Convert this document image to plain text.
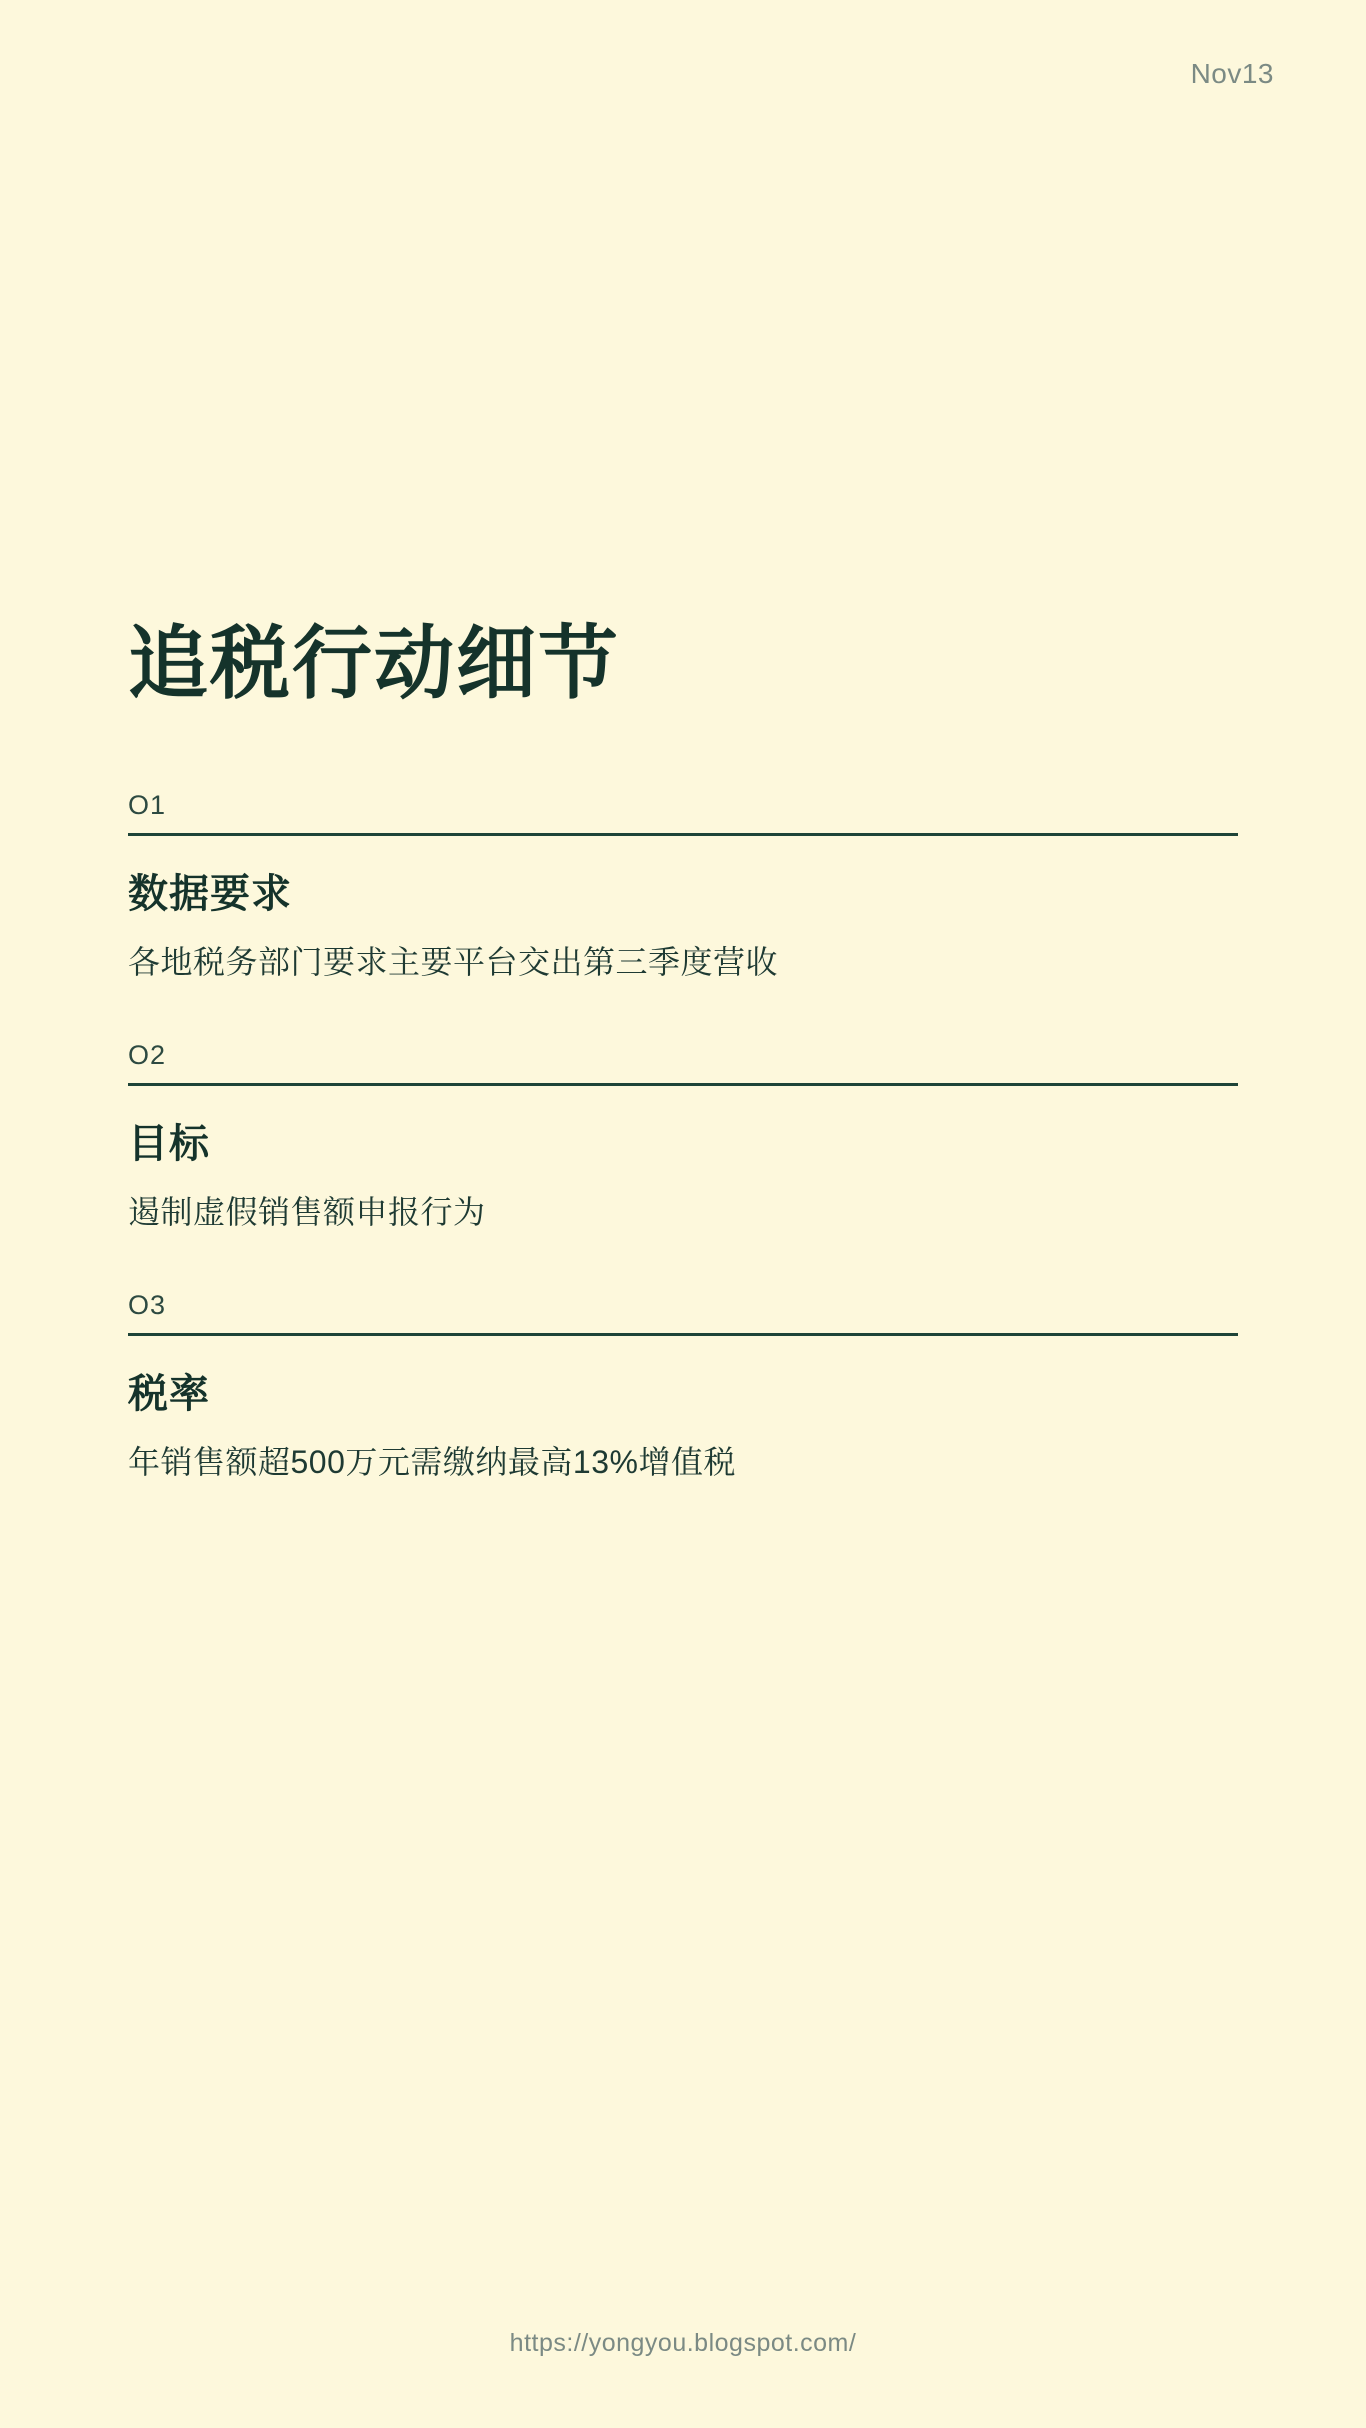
Nov13
追税行动细节
O1
数据要求
各地税务部门要求主要平台交出第三季度营收
O2
目标
遏制虚假销售额申报行为
O3
税率
年销售额超500万元需缴纳最高13%增值税
https://yongyou.blogspot.com/
